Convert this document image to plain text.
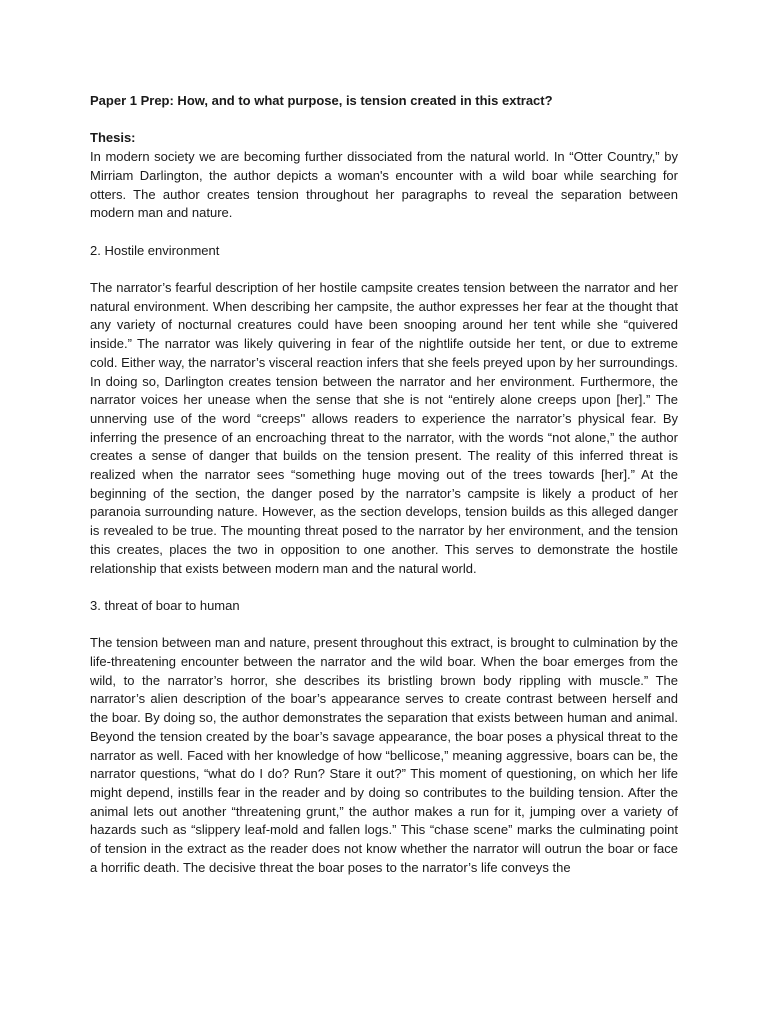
Paper 1 Prep: How, and to what purpose, is tension created in this extract?

Thesis:

In modern society we are becoming further dissociated from the natural world. In “Otter Country,” by Mirriam Darlington, the author depicts a woman's encounter with a wild boar while searching for otters. The author creates tension throughout her paragraphs to reveal the separation between modern man and nature.

2. Hostile environment

The narrator’s fearful description of her hostile campsite creates tension between the narrator and her natural environment. When describing her campsite, the author expresses her fear at the thought that any variety of nocturnal creatures could have been snooping around her tent while she “quivered inside.” The narrator was likely quivering in fear of the nightlife outside her tent, or due to extreme cold. Either way, the narrator’s visceral reaction infers that she feels preyed upon by her surroundings. In doing so, Darlington creates tension between the narrator and her environment. Furthermore, the narrator voices her unease when the sense that she is not “entirely alone creeps upon [her].” The unnerving use of the word “creeps'' allows readers to experience the narrator’s physical fear. By inferring the presence of an encroaching threat to the narrator, with the words “not alone,” the author creates a sense of danger that builds on the tension present. The reality of this inferred threat is realized when the narrator sees “something huge moving out of the trees towards [her].” At the beginning of the section, the danger posed by the narrator’s campsite is likely a product of her paranoia surrounding nature. However, as the section develops, tension builds as this alleged danger is revealed to be true. The mounting threat posed to the narrator by her environment, and the tension this creates, places the two in opposition to one another. This serves to demonstrate the hostile relationship that exists between modern man and the natural world.

3. threat of boar to human

The tension between man and nature, present throughout this extract, is brought to culmination by the life-threatening encounter between the narrator and the wild boar. When the boar emerges from the wild, to the narrator’s horror, she describes its bristling brown body rippling with muscle.” The narrator’s alien description of the boar’s appearance serves to create contrast between herself and the boar. By doing so, the author demonstrates the separation that exists between human and animal. Beyond the tension created by the boar’s savage appearance, the boar poses a physical threat to the narrator as well. Faced with her knowledge of how “bellicose,” meaning aggressive, boars can be, the narrator questions, “what do I do? Run? Stare it out?” This moment of questioning, on which her life might depend, instills fear in the reader and by doing so contributes to the building tension. After the animal lets out another “threatening grunt,” the author makes a run for it, jumping over a variety of hazards such as “slippery leaf-mold and fallen logs.” This “chase scene” marks the culminating point of tension in the extract as the reader does not know whether the narrator will outrun the boar or face a horrific death. The decisive threat the boar poses to the narrator’s life conveys the
